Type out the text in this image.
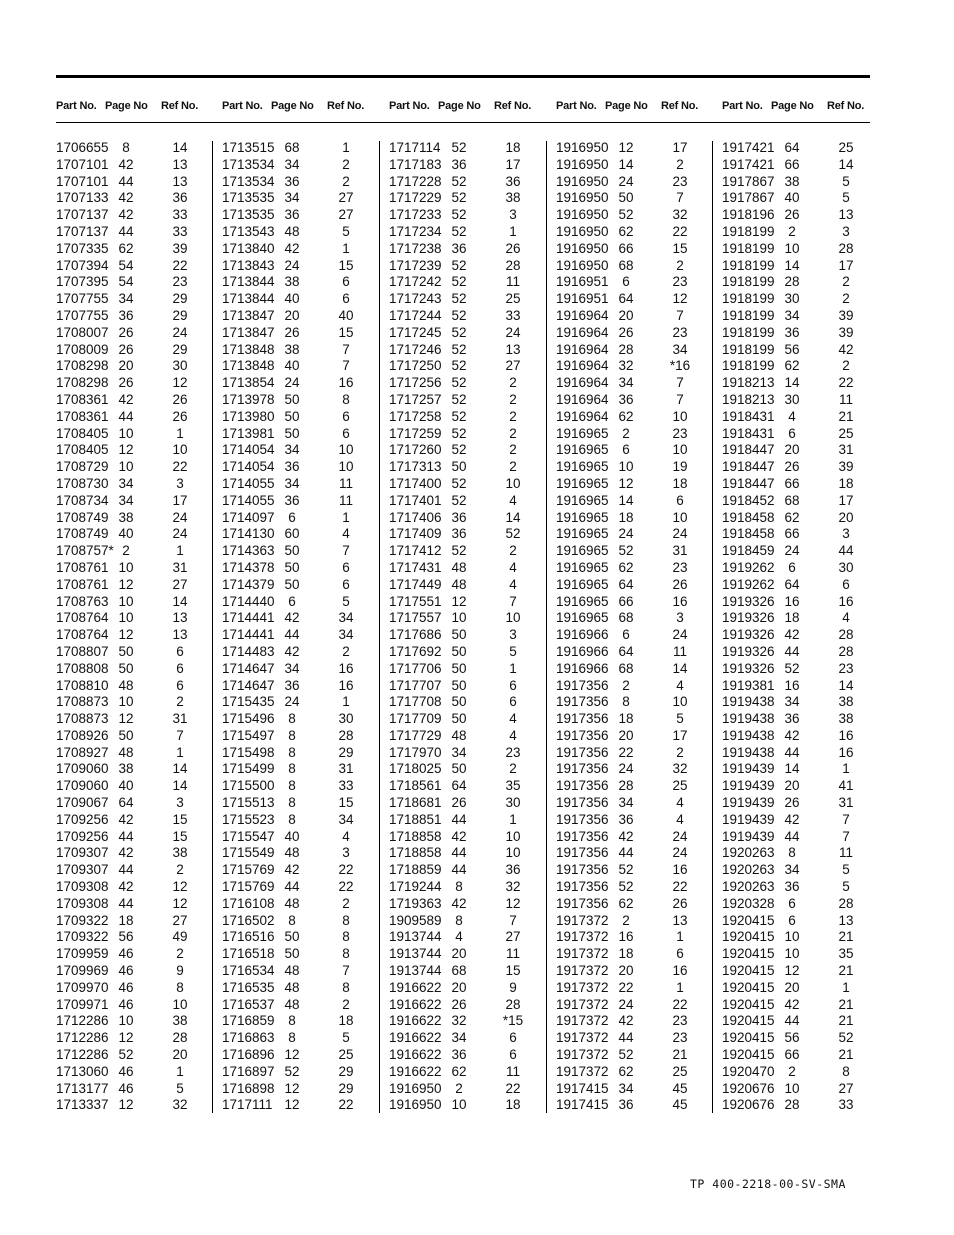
Part No. Page No Ref No. Part No. Page No Ref No. Part No. Page No Ref No. Part No. Page No Ref No. Part No. Page No Ref No.
1706655	8	14
1707101 42	13
1707101 44	13
1707133 42	36
1707137 42	33
1707137 44	33
1707335 62	39
1707394 54	22
1707395 54	23
1707755 34	29
1707755 36	29
1708007 26	24
1708009 26	29
1708298 20	30
1708298 26	12
1708361 42	26
1708361 44	26
1708405 10	1
1708405 12	10
1708729 10	22
1708730 34	3
1708734 34	17
1708749 38	24
1708749 40	24
1708757* 2	1
1708761 10	31
1708761 12	27
1708763 10	14
1708764 10	13
1708764 12	13
1708807 50	6
1708808 50	6
1708810 48	6
1708873 10	2
1708873 12	31
1708926 50	7
1708927 48	1
1709060 38	14
1709060 40	14
1709067 64	3
1709256 42	15
1709256 44	15
1709307 42	38
1709307 44	2
1709308 42	12
1709308 44	12
1709322 18	27
1709322 56	49
1709959 46	2
1709969 46	9
1709970 46	8
1709971 46	10
1712286 10	38
1712286 12	28
1712286 52	20
1713060 46	1
1713177 46	5
1713337 12	32
1713515 68	1
1713534 34	2
1713534 36	2
1713535 34	27
1713535 36	27
1713543 48	5
1713840 42	1
1713843 24	15
1713844 38	6
1713844 40	6
1713847 20	40
1713847 26	15
1713848 38	7
1713848 40	7
1713854 24	16
1713978 50	8
1713980 50	6
1713981 50	6
1714054 34	10
1714054 36	10
1714055 34	11
1714055 36	11
1714097	6	1
1714130 60	4
1714363 50	7
1714378 50	6
1714379 50	6
1714440	6	5
1714441 42	34
1714441 44	34
1714483 42	2
1714647 34	16
1714647 36	16
1715435 24	1
1715496	8	30
1715497	8	28
1715498	8	29
1715499	8	31
1715500	8	33
1715513	8	15
1715523	8	34
1715547 40	4
1715549 48	3
1715769 42	22
1715769 44	22
1716108 48	2
1716502	8	8
1716516 50	8
1716518 50	8
1716534 48	7
1716535 48	8
1716537 48	2
1716859	8	18
1716863	8	5
1716896 12	25
1716897 52	29
1716898 12	29
1717111 12	22
1717114 52	18
1717183 36	17
1717228 52	36
1717229 52	38
1717233 52	3
1717234 52	1
1717238 36	26
1717239 52	28
1717242 52	11
1717243 52	25
1717244 52	33
1717245 52	24
1717246 52	13
1717250 52	27
1717256 52	2
1717257 52	2
1717258 52	2
1717259 52	2
1717260 52	2
1717313 50	2
1717400 52	10
1717401 52	4
1717406 36	14
1717409 36	52
1717412 52	2
1717431 48	4
1717449 48	4
1717551 12	7
1717557 10	10
1717686 50	3
1717692 50	5
1717706 50	1
1717707 50	6
1717708 50	6
1717709 50	4
1717729 48	4
1717970 34	23
1718025 50	2
1718561 64	35
1718681 26	30
1718851 44	1
1718858 42	10
1718858 44	10
1718859 44	36
1719244	8	32
1719363 42	12
1909589	8	7
1913744	4	27
1913744 20	11
1913744 68	15
1916622 20	9
1916622 26	28
1916622 32	*15
1916622 34	6
1916622 36	6
1916622 62	11
1916950	2	22
1916950 10	18
1916950 12	17
1916950 14	2
1916950 24	23
1916950 50	7
1916950 52	32
1916950 62	22
1916950 66	15
1916950 68	2
1916951	6	23
1916951 64	12
1916964 20	7
1916964 26	23
1916964 28	34
1916964 32	*16
1916964 34	7
1916964 36	7
1916964 62	10
1916965	2	23
1916965	6	10
1916965 10	19
1916965 12	18
1916965 14	6
1916965 18	10
1916965 24	24
1916965 52	31
1916965 62	23
1916965 64	26
1916965 66	16
1916965 68	3
1916966	6	24
1916966 64	11
1916966 68	14
1917356	2	4
1917356	8	10
1917356 18	5
1917356 20	17
1917356 22	2
1917356 24	32
1917356 28	25
1917356 34	4
1917356 36	4
1917356 42	24
1917356 44	24
1917356 52	16
1917356 52	22
1917356 62	26
1917372	2	13
1917372 16	1
1917372 18	6
1917372 20	16
1917372 22	1
1917372 24	22
1917372 42	23
1917372 44	23
1917372 52	21
1917372 62	25
1917415 34	45
1917415 36	45
1917421 64	25
1917421 66	14
1917867 38	5
1917867 40	5
1918196 26	13
1918199	2	3
1918199 10	28
1918199 14	17
1918199 28	2
1918199 30	2
1918199 34	39
1918199 36	39
1918199 56	42
1918199 62	2
1918213 14	22
1918213 30	11
1918431	4	21
1918431	6	25
1918447 20	31
1918447 26	39
1918447 66	18
1918452 68	17
1918458 62	20
1918458 66	3
1918459 24	44
1919262	6	30
1919262 64	6
1919326 16	16
1919326 18	4
1919326 42	28
1919326 44	28
1919326 52	23
1919381 16	14
1919438 34	38
1919438 36	38
1919438 42	16
1919438 44	16
1919439 14	1
1919439 20	41
1919439 26	31
1919439 42	7
1919439 44	7
1920263	8	11
1920263 34	5
1920263 36	5
1920328	6	28
1920415	6	13
1920415 10	21
1920415 10	35
1920415 12	21
1920415 20	1
1920415 42	21
1920415 44	21
1920415 56	52
1920415 66	21
1920470	2	8
1920676 10	27
1920676 28	33
TP 400-2218-00-SV-SMA
